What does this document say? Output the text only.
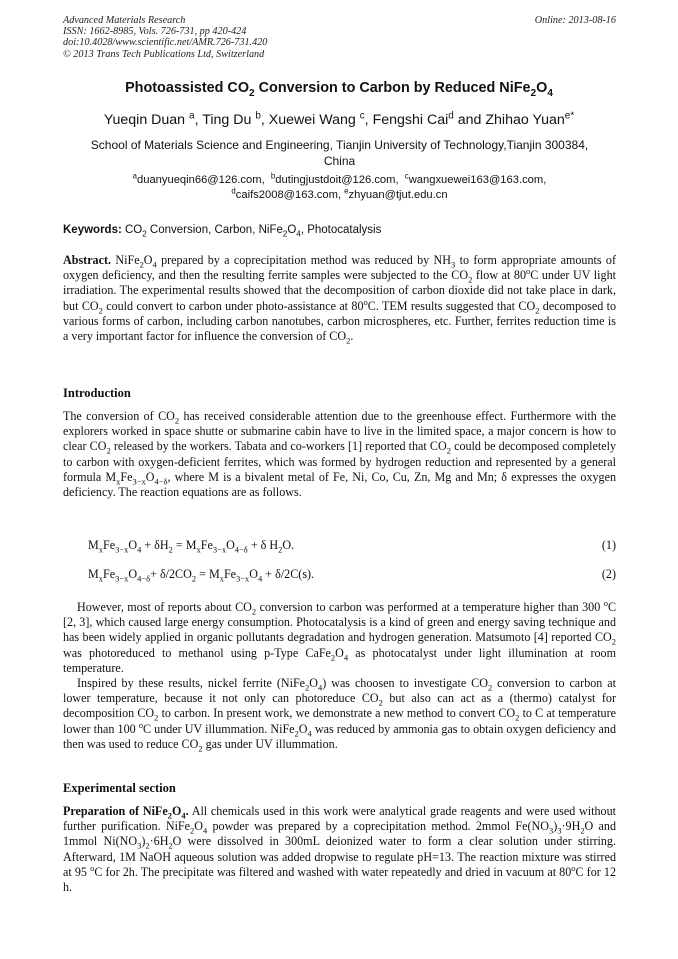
Advanced Materials Research
ISSN: 1662-8985, Vols. 726-731, pp 420-424
doi:10.4028/www.scientific.net/AMR.726-731.420
© 2013 Trans Tech Publications Ltd, Switzerland
Online: 2013-08-16
Photoassisted $CO_2$ Conversion to Carbon by Reduced $NiFe_2O_4$
Yueqin Duan $^a$, Ting Du $^b$, Xuewei Wang $^c$, Fengshi Cai$^d$ and Zhihao Yuan$^{e*}$
School of Materials Science and Engineering, Tianjin University of Technology,Tianjin 300384,
China
$^a$duanyueqin66@126.com, $^b$dutingjustdoit@126.com, $^c$wangxuewei163@163.com,
$^d$caifs2008@163.com, $^e$zhyuan@tjut.edu.cn
Keywords: $CO_2$ Conversion, Carbon, $NiFe_2O_4$, Photocatalysis

Abstract. $NiFe_2O_4$ prepared by a coprecipitation method was reduced by $NH_3$ to form appropriate amounts of oxygen deficiency, and then the resulting ferrite samples were subjected to the $CO_2$ flow at 80$^o$C under UV light irradiation. The experimental results showed that the decomposition of carbon dioxide did not take place in dark, but $CO_2$ could convert to carbon under photo-assistance at 80$^o$C. TEM results suggested that $CO_2$ decomposed to various forms of carbon, including carbon nanotubes, carbon microspheres, etc. Further, ferrites reduction time is a very important factor for influence the conversion of $CO_2$.

Introduction

The conversion of $CO_2$ has received considerable attention due to the greenhouse effect. Furthermore with the explorers worked in space shutte or submarine cabin have to live in the limited space, a major concern is how to clear $CO_2$ released by the workers. Tabata and co-workers [1] reported that $CO_2$ could be decomposed completely to carbon with oxygen-deficient ferrites, which was formed by hydrogen reduction and represented by a general formula $M_xFe_{3-x}O_{4-\delta}$, where M is a bivalent metal of Fe, Ni, Co, Cu, Zn, Mg and Mn; δ expresses the oxygen deficiency. The reaction equations are as follows.

$M_xFe_{3-x}O_4 + \delta H_2 = M_xFe_{3-x}O_{4-\delta} + \delta$ $H_2O$.	(1)
$M_xFe_{3-x}O_{4-\delta}+ \delta/2CO_2 = M_xFe_{3-x}O_4 + \delta/2C(s)$.	(2)

However, most of reports about $CO_2$ conversion to carbon was performed at a temperature higher than 300 $^o$C [2, 3], which caused large energy consumption. Photocatalysis is a kind of green and energy saving technique and has been widely applied in organic pollutants degradation and hydrogen generation. Matsumoto [4] reported $CO_2$ was photoreduced to methanol using p-Type $CaFe_2O_4$ as photocatalyst under light illumination at room temperature.

Inspired by these results, nickel ferrite $(NiFe_2O_4)$ was choosen to investigate $CO_2$ conversion to carbon at lower temperature, because it not only can photoreduce $CO_2$ but also can act as a (thermo) catalyst for decomposition $CO_2$ to carbon. In present work, we demonstrate a new method to convert $CO_2$ to C at temperature lower than 100 $^o$C under UV illummation. $NiFe_2O_4$ was reduced by ammonia gas to obtain oxygen deficiency and then was used to reduce $CO_2$ gas under UV illummation.

Experimental section

Preparation of $NiFe_2O_4$. All chemicals used in this work were analytical grade reagents and were used without further purification. $NiFe_2O_4$ powder was prepared by a coprecipitation method. 2mmol $Fe(NO_3)_3\cdot 9H_2O$ and 1mmol $Ni(NO_3)_2\cdot 6H_2O$ were dissolved in 300mL deionized water to form a clear solution under stirring. Afterward, 1M NaOH aqueous solution was added dropwise to regulate pH=13. The reaction mixture was stirred at 95 $^o$C for 2h. The precipitate was filtered and washed with water repeatedly and dried in vacuum at 80$^o$C for 12 h.
